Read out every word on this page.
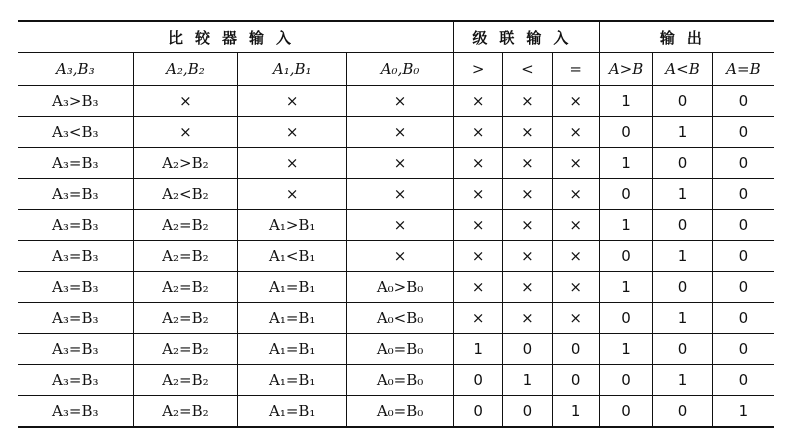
比较器输入				级联输入			输出		
A₃,B₃	A₂,B₂	A₁,B₁	A₀,B₀	>	<	=	A>B	A<B	A=B
A₃>B₃	×	×	×	×	×	×	1	0	0
A₃<B₃	×	×	×	×	×	×	0	1	0
A₃=B₃	A₂>B₂	×	×	×	×	×	1	0	0
A₃=B₃	A₂<B₂	×	×	×	×	×	0	1	0
A₃=B₃	A₂=B₂	A₁>B₁	×	×	×	×	1	0	0
A₃=B₃	A₂=B₂	A₁<B₁	×	×	×	×	0	1	0
A₃=B₃	A₂=B₂	A₁=B₁	A₀>B₀	×	×	×	1	0	0
A₃=B₃	A₂=B₂	A₁=B₁	A₀<B₀	×	×	×	0	1	0
A₃=B₃	A₂=B₂	A₁=B₁	A₀=B₀	1	0	0	1	0	0
A₃=B₃	A₂=B₂	A₁=B₁	A₀=B₀	0	1	0	0	1	0
A₃=B₃	A₂=B₂	A₁=B₁	A₀=B₀	0	0	1	0	0	1
